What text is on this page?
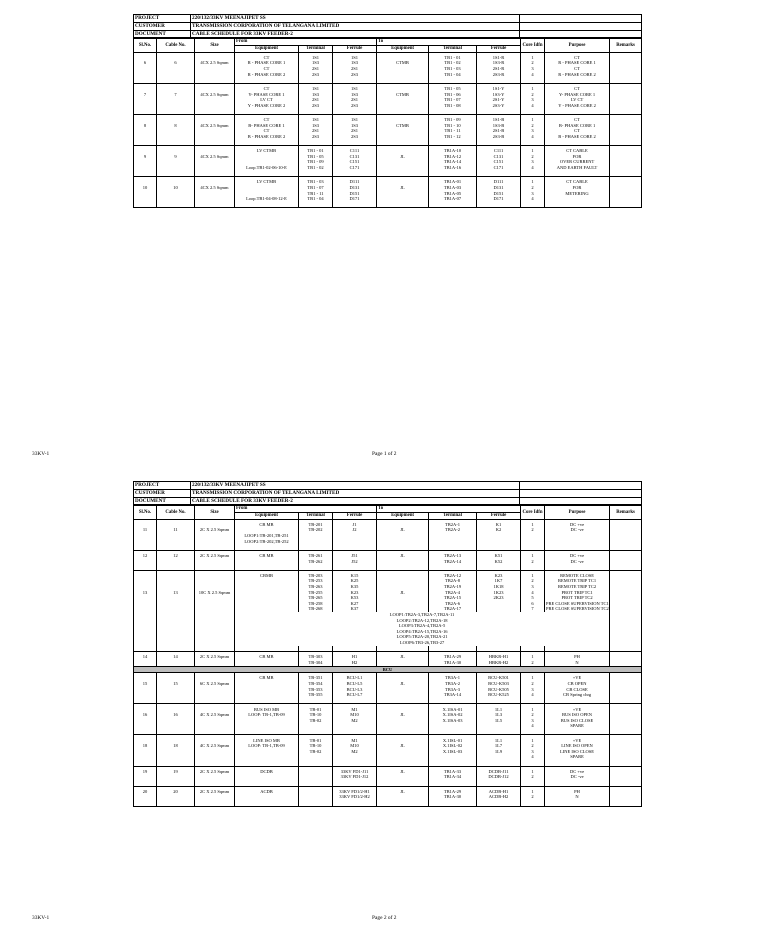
PROJECT	220/132/33KV MEENAJIPET SS	
CUSTOMER	TRANSMISSION CORPORATION OF TELANGANA LIMITED	
DOCUMENT	CABLE SCHEDULE FOR 33KV FEEDER-2	
Sl.No.	Cable No.	Size	From			To			Core Idfn	Purpose	Remarks
			Equipment	Terminal	Ferrule	Equipment	Terminal	Ferrule			

			CT	1S1	1S1		TB1 - 01	1S1-R	1	CT	
6	6	4CX 2.5 Sqmm	R - PHASE CORE 1	1S3	1S3	CTMB	TB1 - 02	1S3-R	2	R - PHASE CORE 1	
			CT	2S1	2S1		TB1 - 03	2S1-R	3	CT	
			R - PHASE CORE 2	2S3	2S3		TB1 - 04	2S3-R	4	R - PHASE CORE 2	

			CT	1S1	1S1		TB1 - 05	1S1-Y	1	CT	
7	7	4CX 2.5 Sqmm	Y- PHASE CORE 1	1S3	1S3	CTMB	TB1 - 06	1S3-Y	2	Y- PHASE CORE 1	
			LV CT	2S1	2S1		TB1 - 07	2S1-Y	3	LV CT	
			Y - PHASE CORE 2	2S3	2S3		TB1 - 08	2S3-Y	4	Y - PHASE CORE 2	

			CT	1S1	1S1		TB1 - 09	1S1-B	1	CT	
8	8	4CX 2.5 Sqmm	B- PHASE CORE 1	1S3	1S3	CTMB	TB1 - 10	1S3-B	2	B- PHASE CORE 1	
			CT	2S1	2S1		TB1 - 11	2S1-B	3	CT	
			B - PHASE CORE 2	2S3	2S3		TB1 - 12	2S3-B	4	B - PHASE CORE 2	

			LV CTMB	TB1 - 01	C111		TB1A-10	C111	1	CT CABLE	
9	9	4CX 2.5 Sqmm		TB1 - 05	C131	JL	TB1A-12	C131	2	FOR	
				TB1 - 09	C151		TB1A-14	C151	3	OVER CURRENT	
			Loop.TB1-02-06-10-E	TB1 - 02	C171		TB1A-16	C171	4	AND EARTH FAULT	

			LV CTMB	TB1 - 03	D111		TB1A-01	D111	1	CT CABLE	
10	10	4CX 2.5 Sqmm		TB1 - 07	D131	JL	TB1A-03	D131	2	FOR	
				TB1 - 11	D151		TB1A-05	D151	3	METERING	
			Loop.TB1-04-08-12-E	TB1 - 04	D171		TB1A-07	D171	4		

33KV-1	Page 1 of 2
PROJECT	220/132/33KV MEENAJIPET SS	
CUSTOMER	TRANSMISSION CORPORATION OF TELANGANA LIMITED	
DOCUMENT	CABLE SCHEDULE FOR 33KV FEEDER-2	
Sl.No.	Cable No.	Size	From			To			Core Idfn	Purpose	Remarks
			Equipment	Terminal	Ferrule	Equipment	Terminal	Ferrule			

			CB MB	TB-201	J1		TB2A-1	K1	1	DC +ve	
11	11	2C X 2.5 Sqmm		TB-202	J2	JL	TB2A-2	K2	2	DC -ve	
			LOOP1:TB-201,TB-251								
			LOOP2:TB-202,TB-252								

12	12	2C X 2.5 Sqmm	CB MB	TB-261	J51	JL	TB2A-13	K51	1	DC +ve	
				TB-262	J52		TB2A-14	K52	2	DC -ve	

			CBMB	TB-203	K15		TB2A-12	K23	1	REMOTE CLOSE	
				TB-253	K25		TB2A-8	1K7	2	REMOTE TRIP TC1	
				TB-263	K35		TB2A-19	1K18	3	REMOTE TRIP TC2	
13	13	10C X 2.5 Sqmm		TB-255	K23	JL	TB2A-4	1K23	4	PROT TRIP TC1	
				TB-265	K53		TB2A-15	2K23	5	PROT TRIP TC2	
				TB-258	K27		TB2A-6		6	PRE CLOSE SUPERVISION TC1	
				TB-268	K37		TB2A-17		7	PRE CLOSE SUPERVISION TC2	
			LOOP1:TB2A-3,TB2A-7,TB2A-11								
			LOOP2:TB2A-12,TB2A-18								
			LOOP3:TB2A-4,TB2A-5								
			LOOP4:TB2A-15,TB2A-16								
			LOOP5:TB2A-20,TB2A-21								
			LOOP6:TB3-26,TB3-27								

14	14	2C X 2.5 Sqmm	CB MB	TB-303	H1	JL	TB1A-29	HBKR-H1	1	PH	
				TB-304	H2		TB1A-30	HBKR-H2	2	N	
BCU											

			CB MB	TB-351	BCU-L1		TB3A-1	BCU-K501	1	+VE	
15	15	6C X 2.5 Sqmm		TB-354	BCU-L5	JL	TB3A-2	BCU-K503	2	CB OPEN	
				TB-353	BCU-L3		TB3A-3	BCU-K505	3	CB CLOSE	
				TB-355	BCU-L7		TB3A-14	BCU-K525	4	CB Spring chrg	

			BUS ISO MB	TB-01	M1		X.1ISA-01	1L1	1	+VE	
16	16	4C X 2.5 Sqmm	LOOP: TB-1,TB-09	TB-10	M10	JL	X.1ISA-02	1L3	2	BUS ISO OPEN	
				TB-02	M2		X.1ISA-03	1L5	3	BUS ISO CLOSE	
									4	SPARE	

			LINE ISO MB	TB-01	M1		X.1ISL-01	1L1	1	+VE	
18	18	4C X 2.5 Sqmm	LOOP: TB-1,TB-09	TB-10	M10	JL	X.1ISL-02	1L7	2	LINE ISO OPEN	
				TB-02	M2		X.1ISL-03	1L9	3	LINE ISO CLOSE	
									4	SPARE	

19	19	2C X 2.5 Sqmm	DCDB		33KV FD1-J11	JL	TB1A-33	DCDB-J11	1	DC +ve	
					33KV FD1-J12		TB1A-34	DCDB-J12	2	DC -ve	

20	20	2C X 2.5 Sqmm	ACDB		33KV FD1/2-H1	JL	TB1A-29	ACDB-H1	1	PH	
					33KV FD1/2-H2		TB1A-30	ACDB-H2	2	N	

33KV-1	Page 2 of 2
